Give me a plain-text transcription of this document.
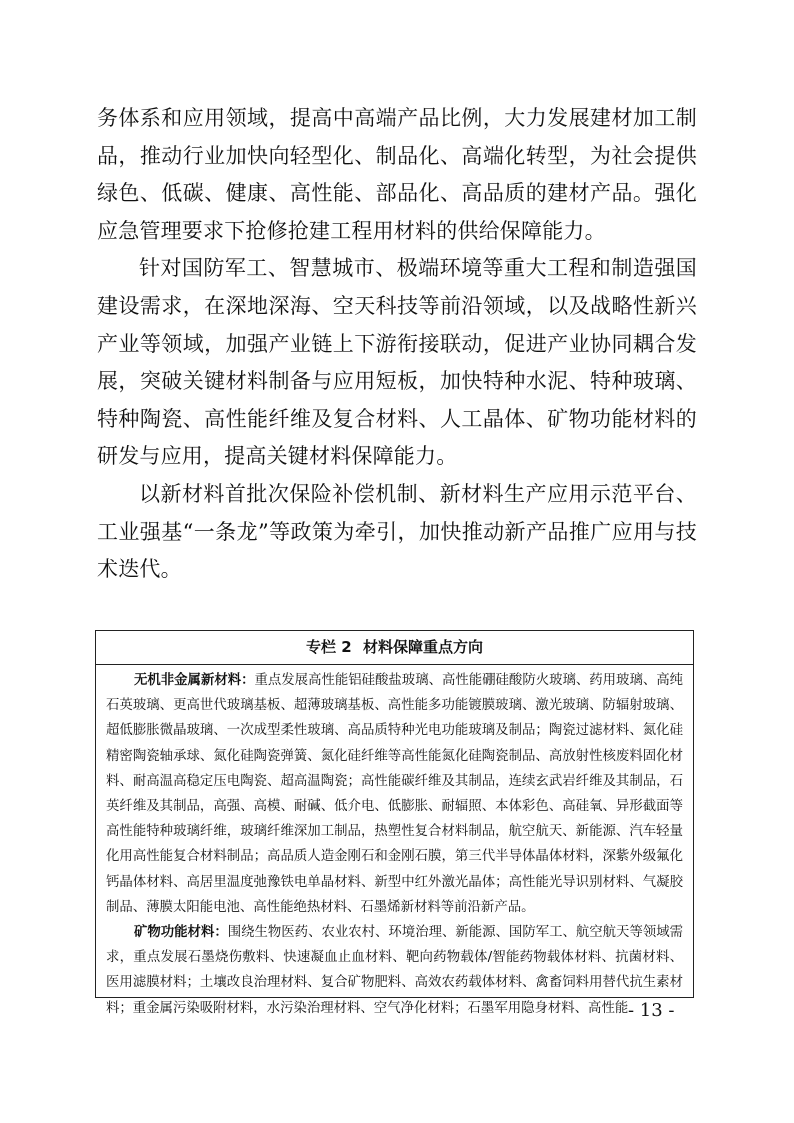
务体系和应用领域，提高中高端产品比例，大力发展建材加工制品，推动行业加快向轻型化、制品化、高端化转型，为社会提供绿色、低碳、健康、高性能、部品化、高品质的建材产品。强化应急管理要求下抢修抢建工程用材料的供给保障能力。

针对国防军工、智慧城市、极端环境等重大工程和制造强国建设需求，在深地深海、空天科技等前沿领域，以及战略性新兴产业等领域，加强产业链上下游衔接联动，促进产业协同耦合发展，突破关键材料制备与应用短板，加快特种水泥、特种玻璃、特种陶瓷、高性能纤维及复合材料、人工晶体、矿物功能材料的研发与应用，提高关键材料保障能力。

以新材料首批次保险补偿机制、新材料生产应用示范平台、工业强基“一条龙”等政策为牵引，加快推动新产品推广应用与技术迭代。

专栏 2 材料保障重点方向

无机非金属新材料：重点发展高性能铝硅酸盐玻璃、高性能硼硅酸防火玻璃、药用玻璃、高纯石英玻璃、更高世代玻璃基板、超薄玻璃基板、高性能多功能镀膜玻璃、激光玻璃、防辐射玻璃、超低膨胀微晶玻璃、一次成型柔性玻璃、高品质特种光电功能玻璃及制品；陶瓷过滤材料、氮化硅精密陶瓷轴承球、氮化硅陶瓷弹簧、氮化硅纤维等高性能氮化硅陶瓷制品、高放射性核废料固化材料、耐高温高稳定压电陶瓷、超高温陶瓷；高性能碳纤维及其制品，连续玄武岩纤维及其制品，石英纤维及其制品，高强、高模、耐碱、低介电、低膨胀、耐辐照、本体彩色、高硅氧、异形截面等高性能特种玻璃纤维，玻璃纤维深加工制品，热塑性复合材料制品，航空航天、新能源、汽车轻量化用高性能复合材料制品；高品质人造金刚石和金刚石膜，第三代半导体晶体材料，深紫外级氟化钙晶体材料、高居里温度弛豫铁电单晶材料、新型中红外激光晶体；高性能光导识别材料、气凝胶制品、薄膜太阳能电池、高性能绝热材料、石墨烯新材料等前沿新产品。

矿物功能材料：围绕生物医药、农业农村、环境治理、新能源、国防军工、航空航天等领域需求，重点发展石墨烧伤敷料、快速凝血止血材料、靶向药物载体/智能药物载体材料、抗菌材料、医用滤膜材料；土壤改良治理材料、复合矿物肥料、高效农药载体材料、禽畜饲料用替代抗生素材料；重金属污染吸附材料，水污染治理材料、空气净化材料；石墨军用隐身材料、高性能 - 13 -
